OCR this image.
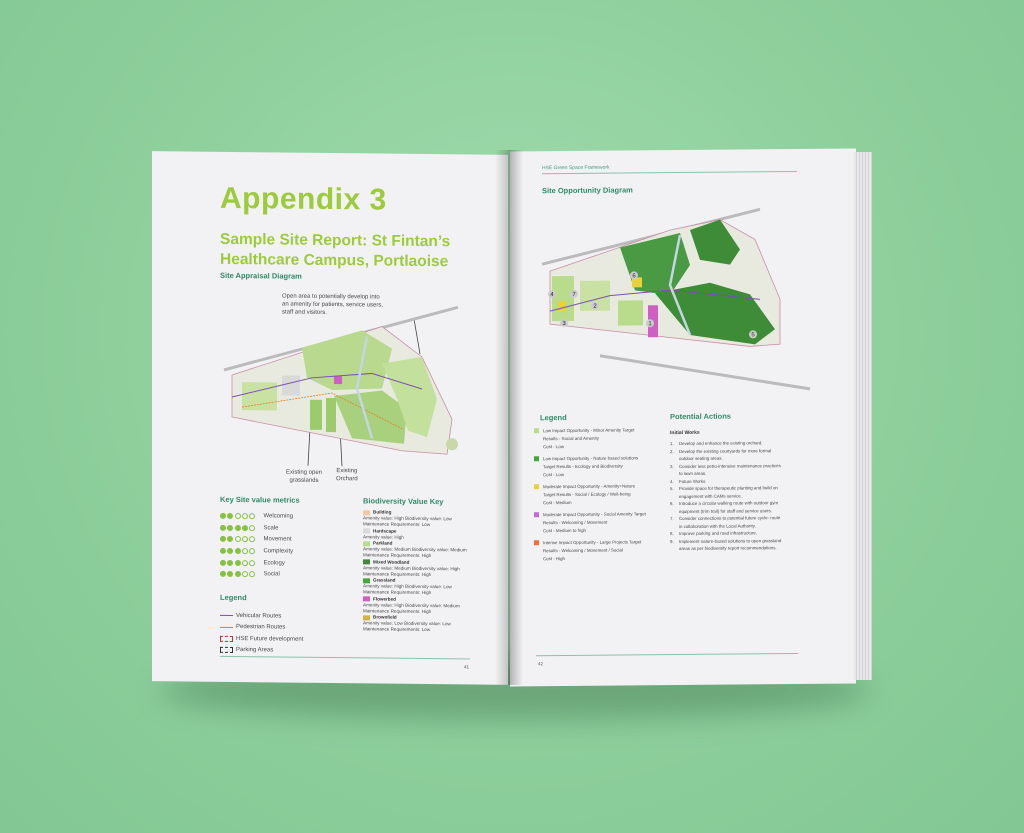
Appendix 3
Sample Site Report: St Fintan’s
Healthcare Campus, Portlaoise
Site Appraisal Diagram
Open area to potentially develop into
an amenity for patients, service users,
staff and visitors.
Existing open
grasslands
Existing
Orchard
Key Site value metrics
Welcoming
Scale
Movement
Complexity
Ecology
Social
Legend
Vehicular Routes
Pedestrian Routes
HSE Future development
Parking Areas
Biodiversity Value Key
Building
Amenity value: High Biodiversity value: Low
Maintenance Requirements: Low
Hardscape
Amenity value: High
Parkland
Amenity value: Medium Biodiversity value: Medium
Maintenance Requirements: High
Mixed Woodland
Amenity value: Medium Biodiversity value: High
Maintenance Requirements: High
Grassland
Amenity value: High Biodiversity value: Low
Maintenance Requirements: High
Flowerbed
Amenity value: High Biodiversity value: Medium
Maintenance Requirements: High
Brownfield
Amenity value: Low Biodiversity value: Low
Maintenance Requirements: Low
41
HSE Green Space Framework
Site Opportunity Diagram
1
2
3
4
5
6
7
Legend
Low Impact Opportunity - Minor Amenity Target
Results - Social and Amenity
Cost - Low
Low Impact Opportunity - Nature based solutions
Target Results - Ecology and Biodiversity
Cost - Low
Moderate Impact Opportunity - Amenity+Nature
Target Results - Social / Ecology / Well-being
Cost - Medium
Moderate Impact Opportunity - Social Amenity Target
Results - Welcoming / Movement
Cost - Medium to high
Intense Impact Opportunity - Large Projects Target
Results - Welcoming / Movement / Social
Cost - High
Potential Actions
Initial Works
1.	Develop and enhance the existing orchard.
2.	Develop the existing courtyards for more formal
outdoor seating areas.
3.	Consider less petro-intensive maintenance practices
to lawn areas.
4.	Future Works
5.	Provide space for therapeutic planting and build on
engagement with CAMs service.
6.	Introduce a circular walking route with outdoor gym
equipment (trim trail) for staff and service users.
7.	Consider connections to potential future cycle- route
in collaboration with the Local Authority.
8.	Improve parking and road infrastructure.
9.	Implement nature-based solutions to open grassland
areas as per biodiversity report recommendations.
42
